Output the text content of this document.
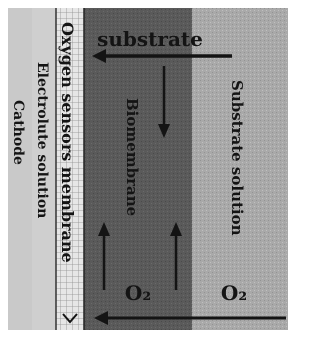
substrate
O₂	O₂
Cathode Electrolute solution Oxygen sensors membrane	Biomembrane	Substrate solution
